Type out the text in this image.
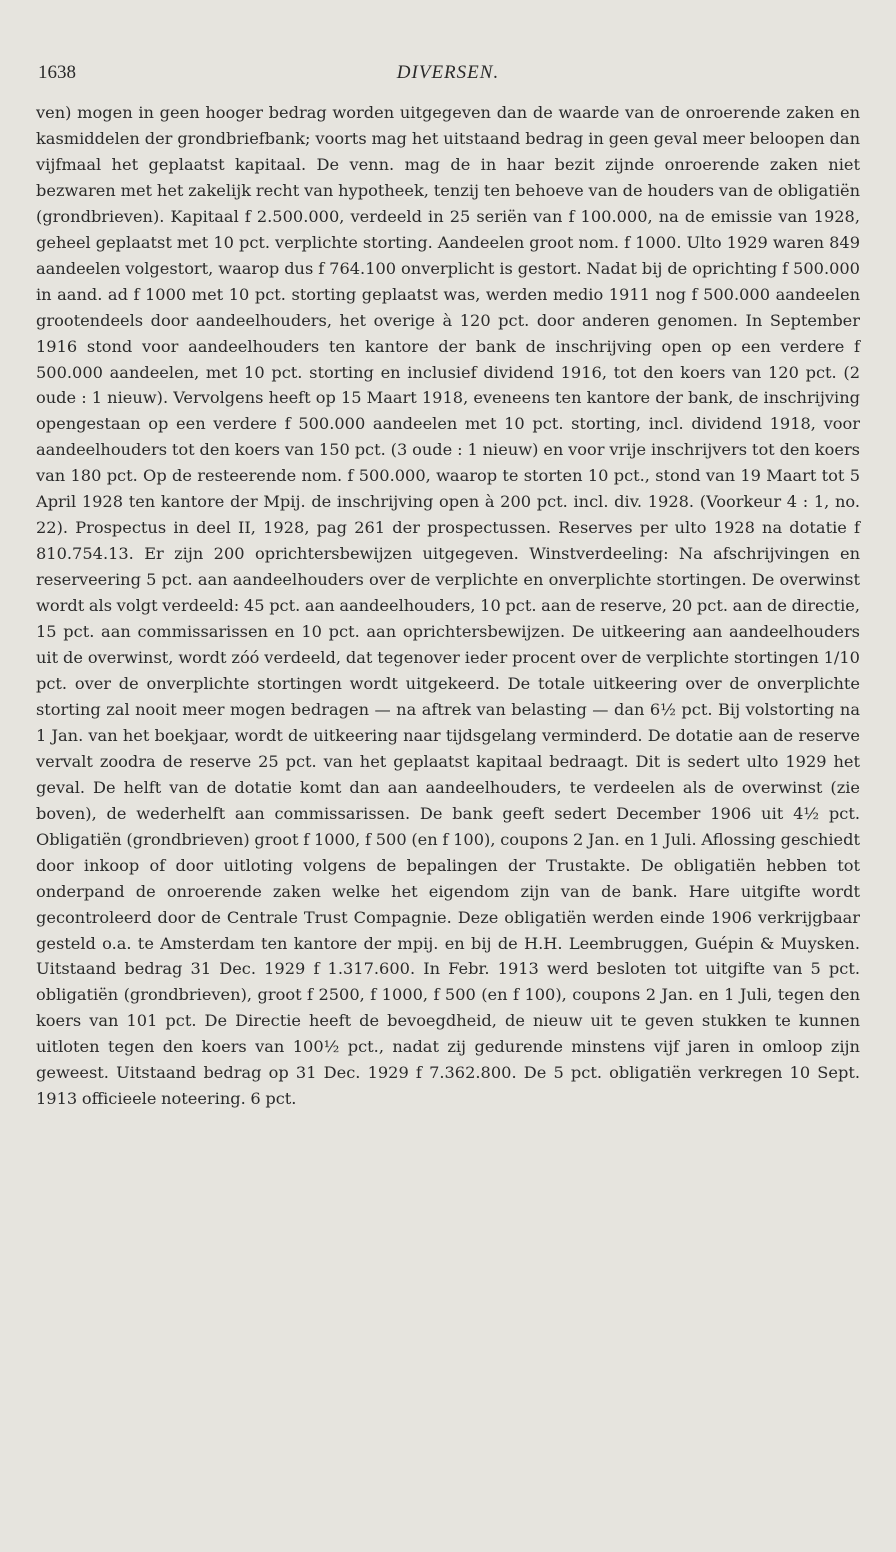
1638	DIVERSEN.
ven) mogen in geen hooger bedrag worden uitgegeven dan de waarde van de onroerende zaken en kasmiddelen der grondbriefbank; voorts mag het uitstaand bedrag in geen geval meer beloopen dan vijfmaal het geplaatst kapitaal. De venn. mag de in haar bezit zijnde onroerende zaken niet bezwaren met het zakelijk recht van hypotheek, tenzij ten behoeve van de houders van de obligatiën (grondbrieven). Kapitaal f 2.500.000, verdeeld in 25 seriën van f 100.000, na de emissie van 1928, geheel geplaatst met 10 pct. verplichte storting. Aandeelen groot nom. f 1000. Ulto 1929 waren 849 aandeelen volgestort, waarop dus f 764.100 onverplicht is gestort. Nadat bij de oprichting f 500.000 in aand. ad f 1000 met 10 pct. storting geplaatst was, werden medio 1911 nog f 500.000 aandeelen grootendeels door aandeelhouders, het overige à 120 pct. door anderen genomen. In September 1916 stond voor aandeelhouders ten kantore der bank de inschrijving open op een verdere f 500.000 aandeelen, met 10 pct. storting en inclusief dividend 1916, tot den koers van 120 pct. (2 oude : 1 nieuw). Vervolgens heeft op 15 Maart 1918, eveneens ten kantore der bank, de inschrijving opengestaan op een verdere f 500.000 aandeelen met 10 pct. storting, incl. dividend 1918, voor aandeelhouders tot den koers van 150 pct. (3 oude : 1 nieuw) en voor vrije inschrijvers tot den koers van 180 pct. Op de resteerende nom. f 500.000, waarop te storten 10 pct., stond van 19 Maart tot 5 April 1928 ten kantore der Mpij. de inschrijving open à 200 pct. incl. div. 1928. (Voorkeur 4 : 1, no. 22). Prospectus in deel II, 1928, pag 261 der prospectussen. Reserves per ulto 1928 na dotatie f 810.754.13. Er zijn 200 oprichtersbewijzen uitgegeven. Winstverdeeling: Na afschrijvingen en reserveering 5 pct. aan aandeelhouders over de verplichte en onverplichte stortingen. De overwinst wordt als volgt verdeeld: 45 pct. aan aandeelhouders, 10 pct. aan de reserve, 20 pct. aan de directie, 15 pct. aan commissarissen en 10 pct. aan oprichtersbewijzen. De uitkeering aan aandeelhouders uit de overwinst, wordt zóó verdeeld, dat tegenover ieder procent over de verplichte stortingen 1/10 pct. over de onverplichte stortingen wordt uitgekeerd. De totale uitkeering over de onverplichte storting zal nooit meer mogen bedragen — na aftrek van belasting — dan 6½ pct. Bij volstorting na 1 Jan. van het boekjaar, wordt de uitkeering naar tijdsgelang verminderd. De dotatie aan de reserve vervalt zoodra de reserve 25 pct. van het geplaatst kapitaal bedraagt. Dit is sedert ulto 1929 het geval. De helft van de dotatie komt dan aan aandeelhouders, te verdeelen als de overwinst (zie boven), de wederhelft aan commissarissen. De bank geeft sedert December 1906 uit 4½ pct. Obligatiën (grondbrieven) groot f 1000, f 500 (en f 100), coupons 2 Jan. en 1 Juli. Aflossing geschiedt door inkoop of door uitloting volgens de bepalingen der Trustakte. De obligatiën hebben tot onderpand de onroerende zaken welke het eigendom zijn van de bank. Hare uitgifte wordt gecontroleerd door de Centrale Trust Compagnie. Deze obligatiën werden einde 1906 verkrijgbaar gesteld o.a. te Amsterdam ten kantore der mpij. en bij de H.H. Leembruggen, Guépin & Muysken. Uitstaand bedrag 31 Dec. 1929 f 1.317.600. In Febr. 1913 werd besloten tot uitgifte van 5 pct. obligatiën (grondbrieven), groot f 2500, f 1000, f 500 (en f 100), coupons 2 Jan. en 1 Juli, tegen den koers van 101 pct. De Directie heeft de bevoegdheid, de nieuw uit te geven stukken te kunnen uitloten tegen den koers van 100½ pct., nadat zij gedurende minstens vijf jaren in omloop zijn geweest. Uitstaand bedrag op 31 Dec. 1929 f 7.362.800. De 5 pct. obligatiën verkregen 10 Sept. 1913 officieele noteering. 6 pct.
